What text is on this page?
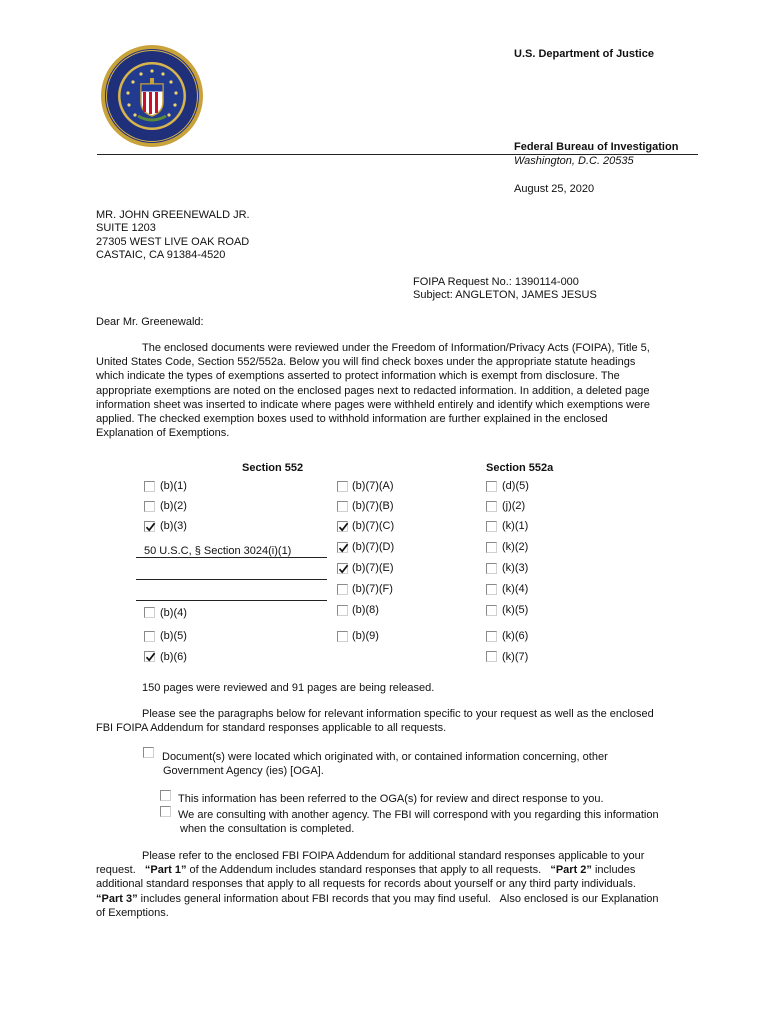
U.S. Department of Justice
Federal Bureau of Investigation
Washington, D.C. 20535
August 25, 2020
MR. JOHN GREENEWALD JR.
SUITE 1203
27305 WEST LIVE OAK ROAD
CASTAIC, CA 91384-4520
FOIPA Request No.: 1390114-000
Subject: ANGLETON, JAMES JESUS
Dear Mr. Greenewald:
The enclosed documents were reviewed under the Freedom of Information/Privacy Acts (FOIPA), Title 5,
United States Code, Section 552/552a. Below you will find check boxes under the appropriate statute headings
which indicate the types of exemptions asserted to protect information which is exempt from disclosure. The
appropriate exemptions are noted on the enclosed pages next to redacted information. In addition, a deleted page
information sheet was inserted to indicate where pages were withheld entirely and identify which exemptions were
applied. The checked exemption boxes used to withhold information are further explained in the enclosed
Explanation of Exemptions.
Section 552	Section 552a
(b)(1)
(b)(2)
(b)(3)
50 U.S.C, § Section 3024(i)(1)
(b)(4)
(b)(5)
(b)(6)
(b)(7)(A)
(b)(7)(B)
(b)(7)(C)
(b)(7)(D)
(b)(7)(E)
(b)(7)(F)
(b)(8)
(b)(9)
(d)(5)
(j)(2)
(k)(1)
(k)(2)
(k)(3)
(k)(4)
(k)(5)
(k)(6)
(k)(7)
150 pages were reviewed and 91 pages are being released.
Please see the paragraphs below for relevant information specific to your request as well as the enclosed
FBI FOIPA Addendum for standard responses applicable to all requests.
Document(s) were located which originated with, or contained information concerning, other
Government Agency (ies) [OGA].
This information has been referred to the OGA(s) for review and direct response to you.
We are consulting with another agency. The FBI will correspond with you regarding this information
when the consultation is completed.
Please refer to the enclosed FBI FOIPA Addendum for additional standard responses applicable to your
request.   “Part 1” of the Addendum includes standard responses that apply to all requests.   “Part 2” includes
additional standard responses that apply to all requests for records about yourself or any third party individuals.
“Part 3” includes general information about FBI records that you may find useful.   Also enclosed is our Explanation
of Exemptions.
